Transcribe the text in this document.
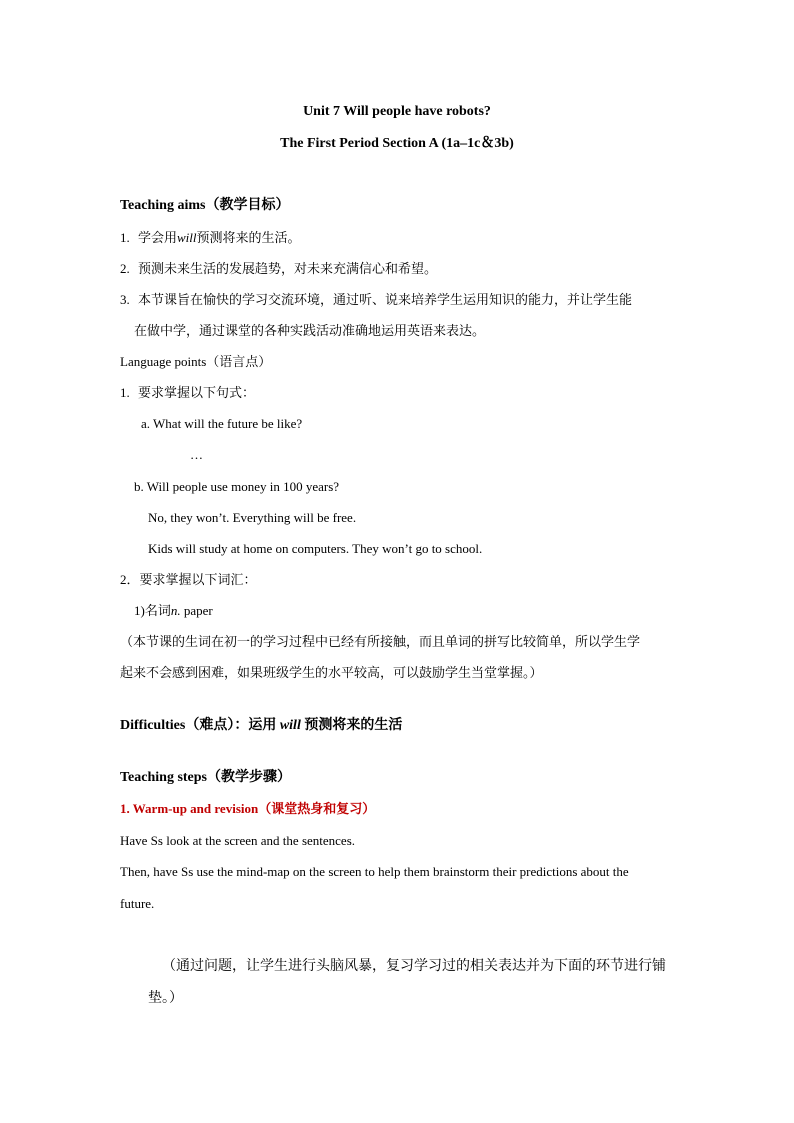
Unit 7 Will people have robots?
The First Period Section A (1a–1c＆3b)
Teaching aims（教学目标）
1. 学会用will预测将来的生活。
2. 预测未来生活的发展趋势，对未来充满信心和希望。
3. 本节课旨在愉快的学习交流环境，通过听、说来培养学生运用知识的能力，并让学生能
在做中学，通过课堂的各种实践活动准确地运用英语来表达。
Language points（语言点）
1. 要求掌握以下句式：
a. What will the future be like?
…
b. Will people use money in 100 years?
No, they won’t. Everything will be free.
Kids will study at home on computers. They won’t go to school.
2．要求掌握以下词汇：
1)名词n. paper
（本节课的生词在初一的学习过程中已经有所接触，而且单词的拼写比较简单，所以学生学
起来不会感到困难，如果班级学生的水平较高，可以鼓励学生当堂掌握。）
Difficulties（难点）：运用 will 预测将来的生活
Teaching steps（教学步骤）
1. Warm-up and revision（课堂热身和复习）
Have Ss look at the screen and the sentences.
Then, have Ss use the mind-map on the screen to help them brainstorm their predictions about the
future.
（通过问题，让学生进行头脑风暴，复习学习过的相关表达并为下面的环节进行铺
垫。）
